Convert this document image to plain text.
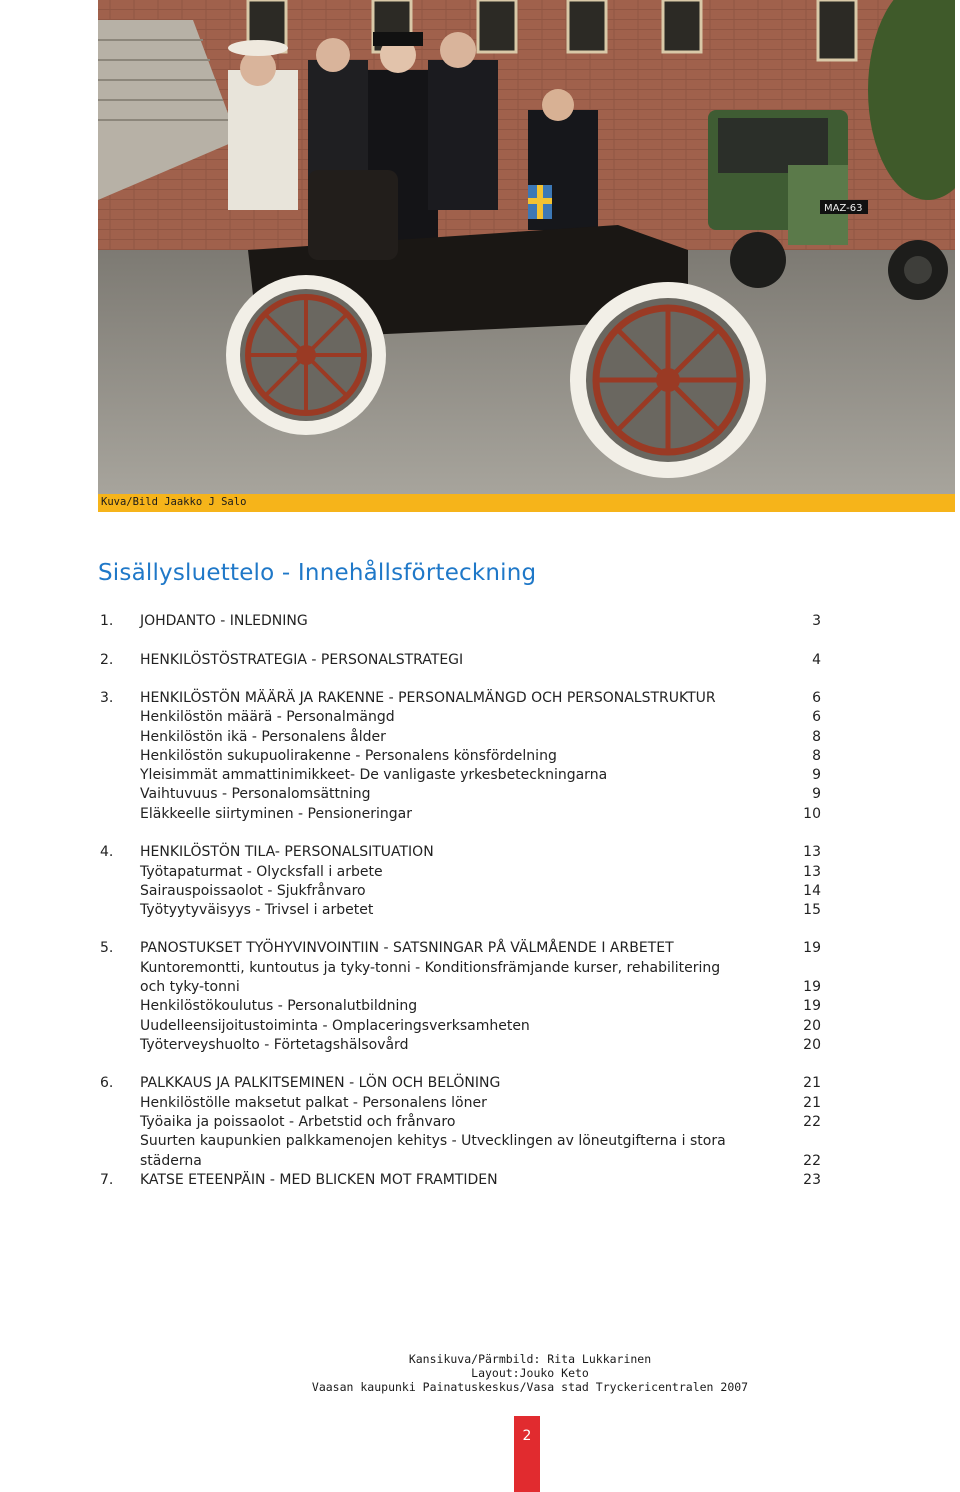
MAZ-63
Kuva/Bild Jaakko J Salo
Sisällysluettelo - Innehållsförteckning
1. JOHDANTO - INLEDNING	3
2. HENKILÖSTÖSTRATEGIA - PERSONALSTRATEGI	4
3. HENKILÖSTÖN MÄÄRÄ JA RAKENNE - PERSONALMÄNGD OCH PERSONALSTRUKTUR	6
Henkilöstön määrä - Personalmängd	6
Henkilöstön ikä - Personalens ålder	8
Henkilöstön sukupuolirakenne - Personalens könsfördelning	8
Yleisimmät ammattinimikkeet- De vanligaste yrkesbeteckningarna	9
Vaihtuvuus - Personalomsättning	9
Eläkkeelle siirtyminen - Pensioneringar	10
4. HENKILÖSTÖN TILA- PERSONALSITUATION	13
Työtapaturmat - Olycksfall i arbete	13
Sairauspoissaolot - Sjukfrånvaro	14
Työtyytyväisyys - Trivsel i arbetet	15
5. PANOSTUKSET TYÖHYVINVOINTIIN - SATSNINGAR PÅ VÄLMÅENDE I ARBETET	19
Kuntoremontti, kuntoutus ja tyky-tonni - Konditionsfrämjande kurser, rehabilitering
och tyky-tonni	19
Henkilöstökoulutus - Personalutbildning	19
Uudelleensijoitustoiminta - Omplaceringsverksamheten	20
Työterveyshuolto - Förtetagshälsovård	20
6. PALKKAUS JA PALKITSEMINEN - LÖN OCH BELÖNING	21
Henkilöstölle maksetut palkat - Personalens löner	21
Työaika ja poissaolot - Arbetstid och frånvaro	22
Suurten kaupunkien palkkamenojen kehitys - Utvecklingen av löneutgifterna i stora
städerna	22
7. KATSE ETEENPÄIN - MED BLICKEN MOT FRAMTIDEN	23
Kansikuva/Pärmbild: Rita Lukkarinen
Layout:Jouko Keto
Vaasan kaupunki Painatuskeskus/Vasa stad Tryckericentralen 2007
2
